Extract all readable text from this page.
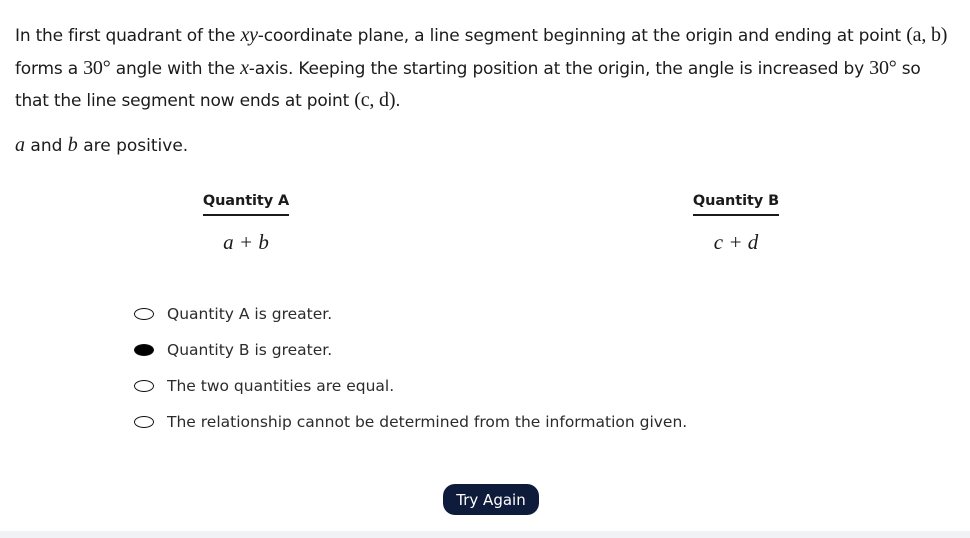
In the first quadrant of the xy-coordinate plane, a line segment beginning at the origin and ending at point (a, b) forms a 30° angle with the x-axis. Keeping the starting position at the origin, the angle is increased by 30° so that the line segment now ends at point (c, d).

a and b are positive.

Quantity A
a + b
Quantity B
c + d
Quantity A is greater.
Quantity B is greater.
The two quantities are equal.
The relationship cannot be determined from the information given.
Try Again
